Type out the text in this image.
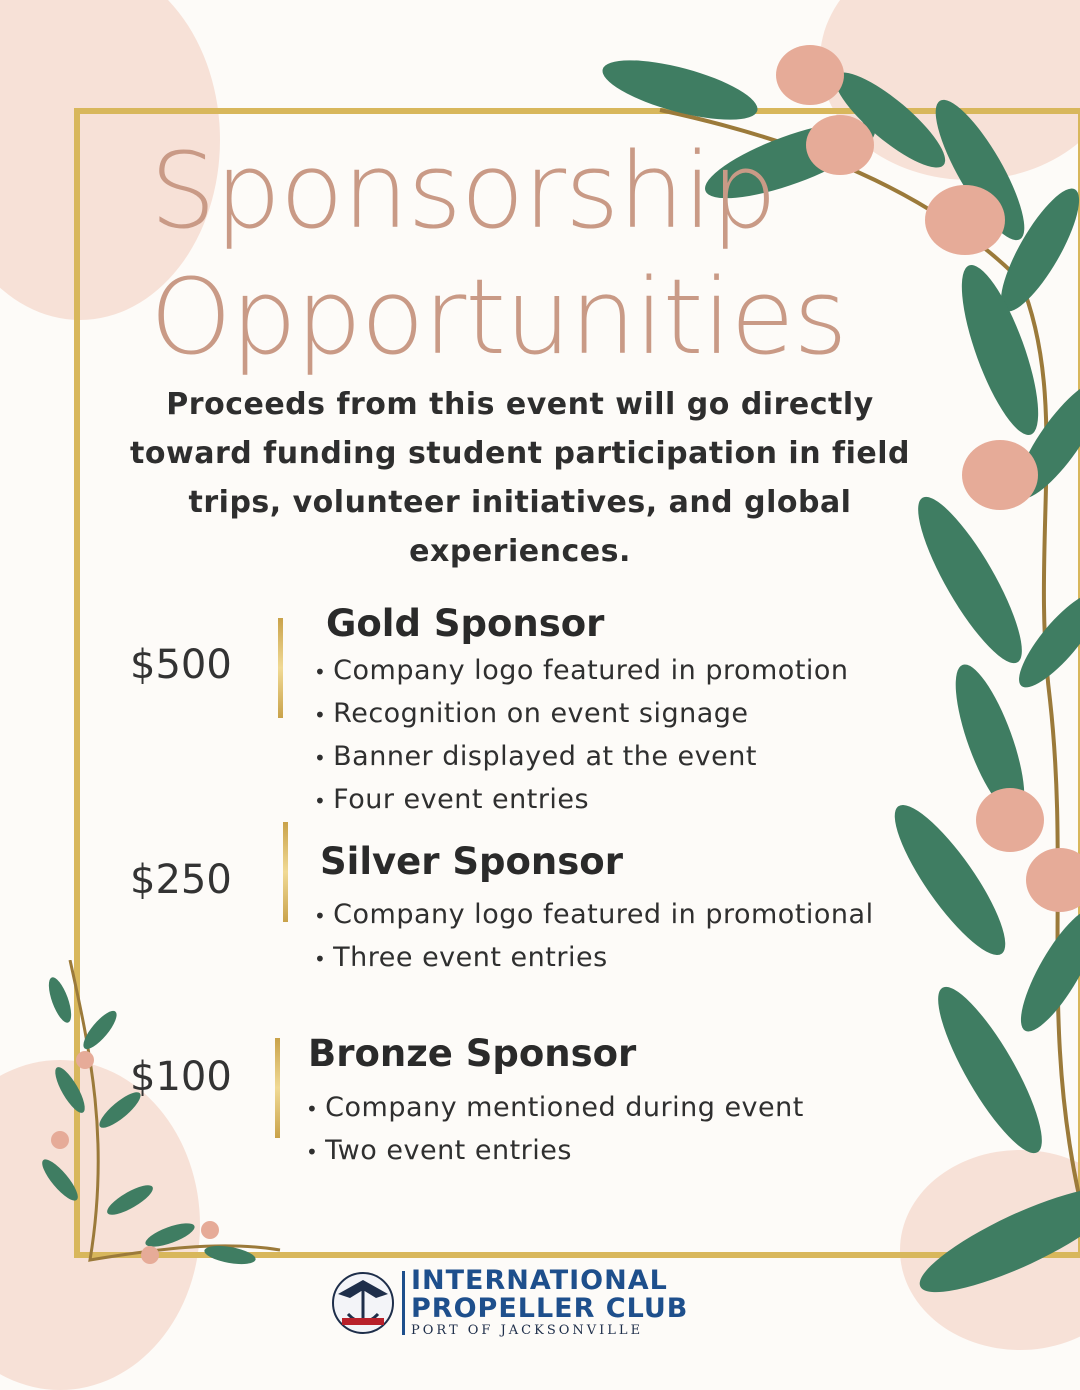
Sponsorship
Opportunities
Proceeds from this event will go directly toward funding student participation in field trips, volunteer initiatives, and global experiences.
$500
Gold Sponsor
• Company logo featured in promotion
• Recognition on event signage
• Banner displayed at the event
• Four event entries
$250 Silver Sponsor
• Company logo featured in promotional
• Three event entries
$100
Bronze Sponsor
• Company mentioned during event
• Two event entries
INTERNATIONAL
PROPELLER CLUB
PORT OF JACKSONVILLE
